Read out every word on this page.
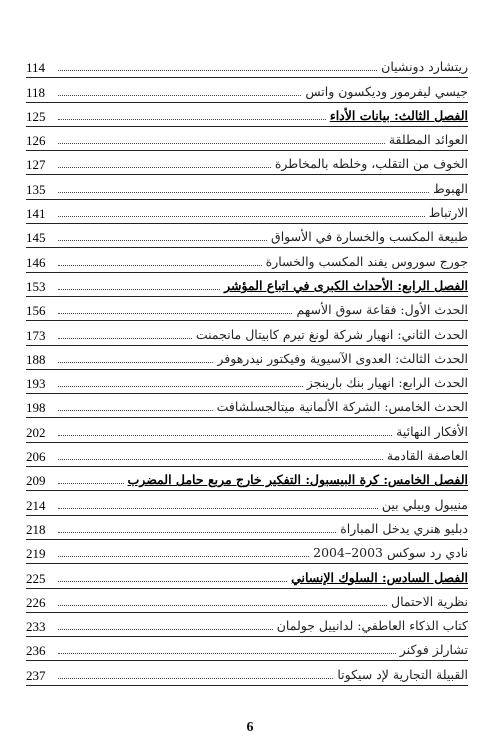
114	ريتشارد دونشيان
118	جيسي ليفرمور وديكسون واتس
125	الفصل الثالث: بيانات الأداء
126	العوائد المطلقة
127	الخوف من التقلب، وخلطه بالمخاطرة
135	الهبوط
141	الارتباط
145	طبيعة المكسب والخسارة في الأسواق
146	جورج سوروس يفند المكسب والخسارة
153	الفصل الرابع: الأحداث الكبرى في اتباع المؤشر
156	الحدث الأول: فقاعة سوق الأسهم
173	الحدث الثاني: انهيار شركة لونغ تيرم كابيتال مانجمنت
188	الحدث الثالث: العدوى الآسيوية وفيكتور نيدرهوفر
193	الحدث الرابع: انهيار بنك بارينجز
198	الحدث الخامس: الشركة الألمانية ميتالجسلشافت
202	الأفكار النهائية
206	العاصفة القادمة
209	الفصل الخامس: كرة البيسبول: التفكير خارج مربع حامل المضرب
214	منيبول وبيلي بين
218	دبليو هنري يدخل المباراة
219	نادي رد سوكس 2003–2004
225	الفصل السادس: السلوك الإنساني
226	نظرية الاحتمال
233	كتاب الذكاء العاطفي: لدانييل جولمان
236	تشارلز فوكنر
237	القبيلة التجارية لإد سيكوتا
6
